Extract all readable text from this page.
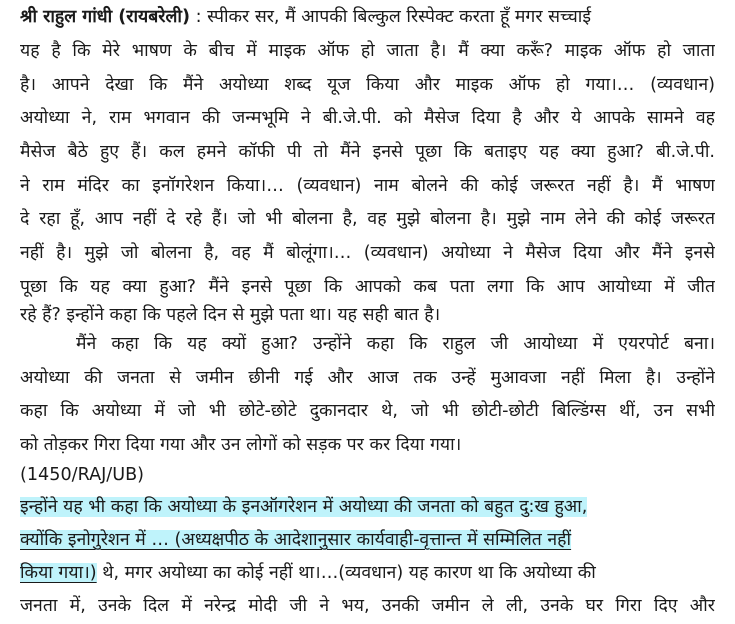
श्री राहुल गांधी (रायबरेली) : स्पीकर सर, मैं आपकी बिल्कुल रिस्पेक्ट करता हूँ मगर सच्चाई
यह है कि मेरे भाषण के बीच में माइक ऑफ हो जाता है। मैं क्या करूँ? माइक ऑफ हो जाता
है। आपने देखा कि मैंने अयोध्या शब्द यूज किया और माइक ऑफ हो गया।… (व्यवधान)
अयोध्या ने, राम भगवान की जन्मभूमि ने बी.जे.पी. को मैसेज दिया है और ये आपके सामने वह
मैसेज बैठे हुए हैं। कल हमने कॉफी पी तो मैंने इनसे पूछा कि बताइए यह क्या हुआ? बी.जे.पी.
ने राम मंदिर का इनॉगरेशन किया।… (व्यवधान) नाम बोलने की कोई जरूरत नहीं है। मैं भाषण
दे रहा हूँ, आप नहीं दे रहे हैं। जो भी बोलना है, वह मुझे बोलना है। मुझे नाम लेने की कोई जरूरत
नहीं है। मुझे जो बोलना है, वह मैं बोलूंगा।… (व्यवधान) अयोध्या ने मैसेज दिया और मैंने इनसे
पूछा कि यह क्या हुआ? मैंने इनसे पूछा कि आपको कब पता लगा कि आप आयोध्या में जीत
रहे हैं? इन्होंने कहा कि पहले दिन से मुझे पता था। यह सही बात है।
मैंने कहा कि यह क्यों हुआ? उन्होंने कहा कि राहुल जी आयोध्या में एयरपोर्ट बना।
अयोध्या की जनता से जमीन छीनी गई और आज तक उन्हें मुआवजा नहीं मिला है। उन्होंने
कहा कि अयोध्या में जो भी छोटे-छोटे दुकानदार थे, जो भी छोटी-छोटी बिल्डिंग्स थीं, उन सभी
को तोड़कर गिरा दिया गया और उन लोगों को सड़क पर कर दिया गया।
(1450/RAJ/UB)
इन्होंने यह भी कहा कि अयोध्या के इनऑगरेशन में अयोध्या की जनता को बहुत दु:ख हुआ,
क्योंकि इनोगुरेशन में … (अध्यक्षपीठ के आदेशानुसार कार्यवाही-वृत्तान्त में सम्मिलित नहीं
किया गया।) थे, मगर अयोध्या का कोई नहीं था।…(व्यवधान) यह कारण था कि अयोध्या की
जनता में, उनके दिल में नरेन्द्र मोदी जी ने भय, उनकी जमीन ले ली, उनके घर गिरा दिए और
